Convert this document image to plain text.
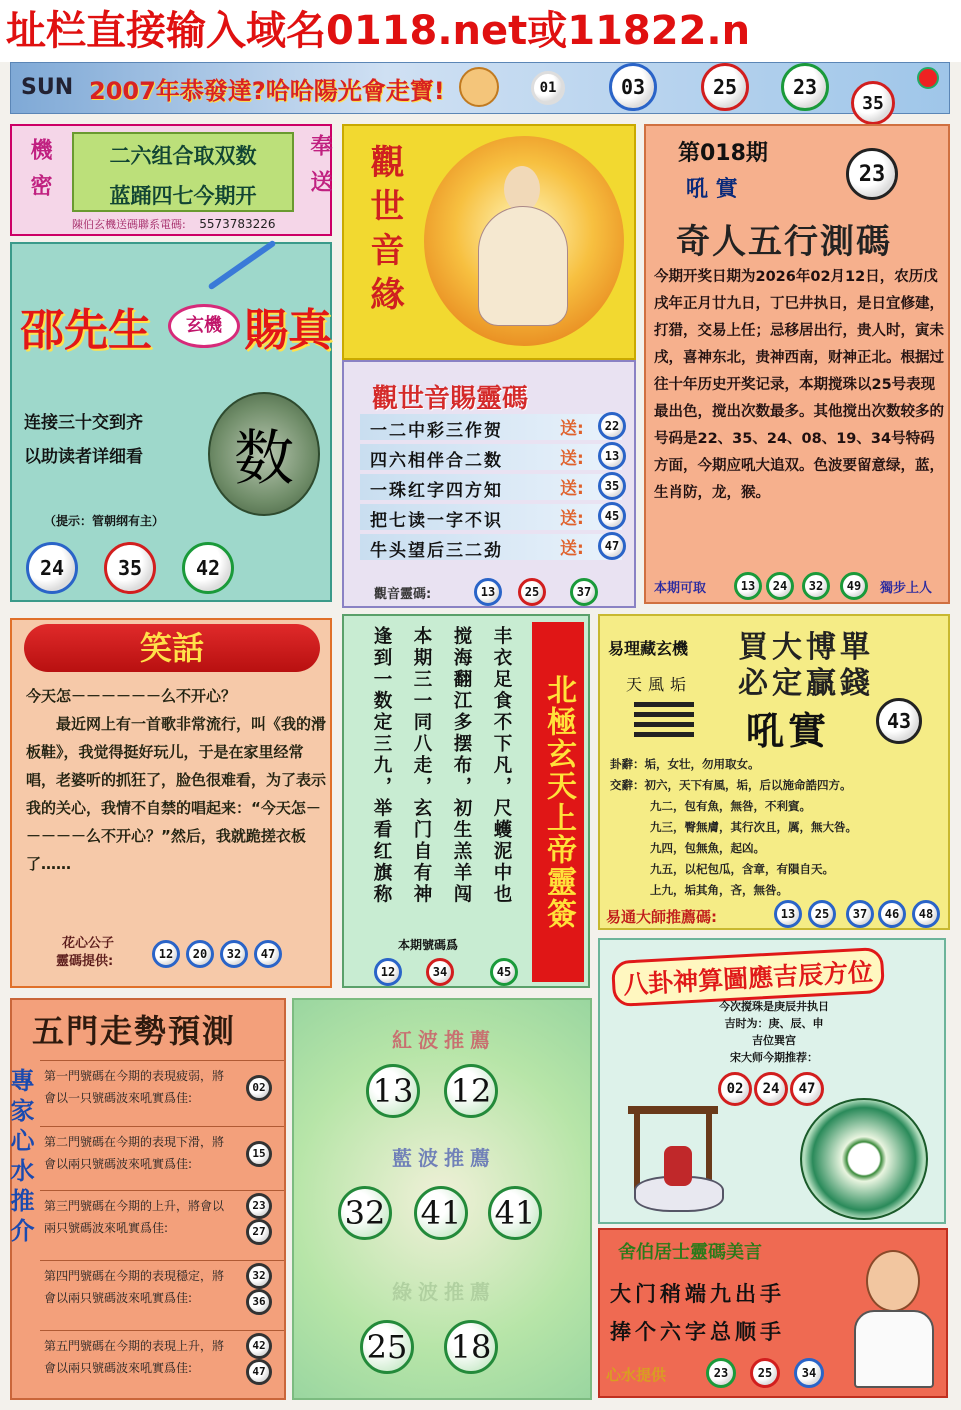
址栏直接输入域名0118.net或11822.n
SUN 2007年恭發達?哈哈陽光會走寶!	01	03	25	23
35
機密	奉送
二六组合取双数
蓝踊四七今期开
陳伯玄機送碼聯系電碼: 5573783226
邵先生	玄機 賜真
连接三十交到齐
以助读者详细看 数
（提示：管朝纲有主）
24	35	42
觀世音緣
觀世音賜靈碼
一二中彩三作贺	送:	22
四六相伴合二数	送:	13
一珠红字四方知	送:	35
把七读一字不识	送:	45
牛头望后三二劲	送:	47
觀音靈碼:	13	25	37
第018期
吼 實
23
奇人五行測碼
今期开奖日期为2026年02月12日，农历戊戌年正月廿九日，丁巳井执日，是日宜修建，打猎，交易上任；忌移居出行，贵人时，寅未戌，喜神东北，贵神西南，财神正北。根据过往十年历史开奖记录，本期搅珠以25号表现最出色，搅出次数最多。其他搅出次数较多的号码是22、35、24、08、19、34号特码方面，今期应吼大追双。色波要留意绿，蓝，生肖防，龙，猴。
本期可取	13	24	32	49	獨步上人
笑話
今天怎－－－－－－么不开心？
　　最近网上有一首歌非常流行，叫《我的滑板鞋》，我觉得挺好玩儿，于是在家里经常唱，老婆听的抓狂了，脸色很难看，为了表示我的关心，我情不自禁的唱起来：“今天怎－－－－－么不开心？”然后，我就跪搓衣板了……
花心公子
靈碼提供:	12	20	32	47
丰衣足食不下凡，尺蠖泥中也
搅海翻江多摆布，初生羔羊闯
本期三一同八走，玄门自有神
逢到一数定三九，举看红旗称	北極玄天上帝靈簽
本期號碼爲
12	34	45
易理藏玄機 買大博單
必定贏錢
天風垢
吼實	43
卦辭：垢，女壮，勿用取女。
交辭：初六，天下有風，垢，后以施命誥四方。
九二，包有魚，無咎，不利賓。
九三，臀無膚，其行次且，厲，無大咎。
九四，包無魚，起凶。
九五，以杞包瓜，含章，有隕自天。
上九，垢其角，吝，無咎。
易通大師推薦碼:	13	25	37	46	48
八卦神算圖應吉辰方位
今次搅珠是庚辰井执日
吉时为：庚、辰、申
吉位巽宫
宋大师今期推荐：
02	24	47
舍伯居士靈碼美言
大门稍端九出手
捧个六字总顺手
心水提供	23	25	34
五門走勢預測
專家心水推介 第一門號碼在今期的表現疲弱，將會以一只號碼波來吼實爲佳:
02
第二門號碼在今期的表現下滑，將會以兩只號碼波來吼實爲佳:
15
第三門號碼在今期的上升，將會以兩只號碼波來吼實爲佳:
23
27
第四門號碼在今期的表現穩定，將會以兩只號碼波來吼實爲佳:
32
36
第五門號碼在今期的表現上升，將會以兩只號碼波來吼實爲佳:
42
47
紅波推薦
13 12
藍波推薦
32 41 41
綠波推薦
25 18
